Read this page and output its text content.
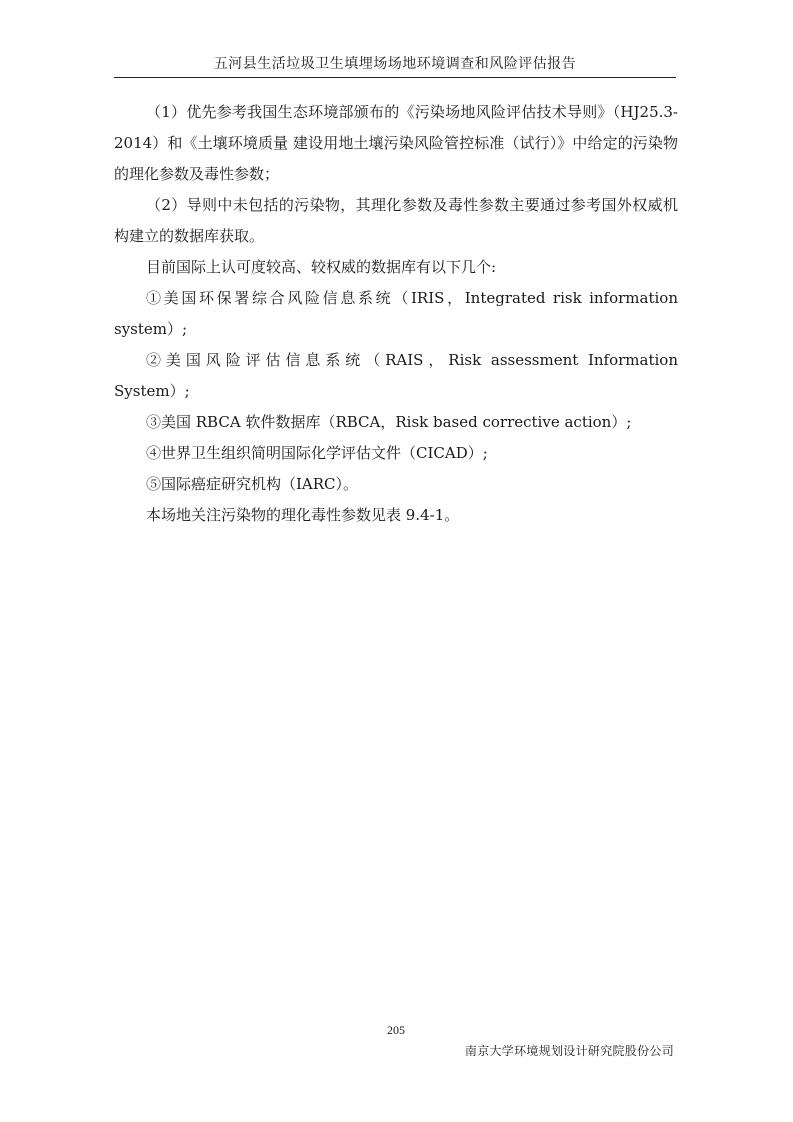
五河县生活垃圾卫生填埋场场地环境调查和风险评估报告

（1）优先参考我国生态环境部颁布的《污染场地风险评估技术导则》（HJ25.3-2014）和《土壤环境质量 建设用地土壤污染风险管控标准（试行）》中给定的污染物的理化参数及毒性参数；

（2）导则中未包括的污染物，其理化参数及毒性参数主要通过参考国外权威机构建立的数据库获取。

目前国际上认可度较高、较权威的数据库有以下几个:

①美国环保署综合风险信息系统（IRIS，Integrated risk information system）;

②美国风险评估信息系统（RAIS，Risk assessment Information System）;

③美国 RBCA 软件数据库（RBCA，Risk based corrective action）;

④世界卫生组织简明国际化学评估文件（CICAD）;

⑤国际癌症研究机构（IARC）。

本场地关注污染物的理化毒性参数见表 9.4-1。

205
南京大学环境规划设计研究院股份公司
